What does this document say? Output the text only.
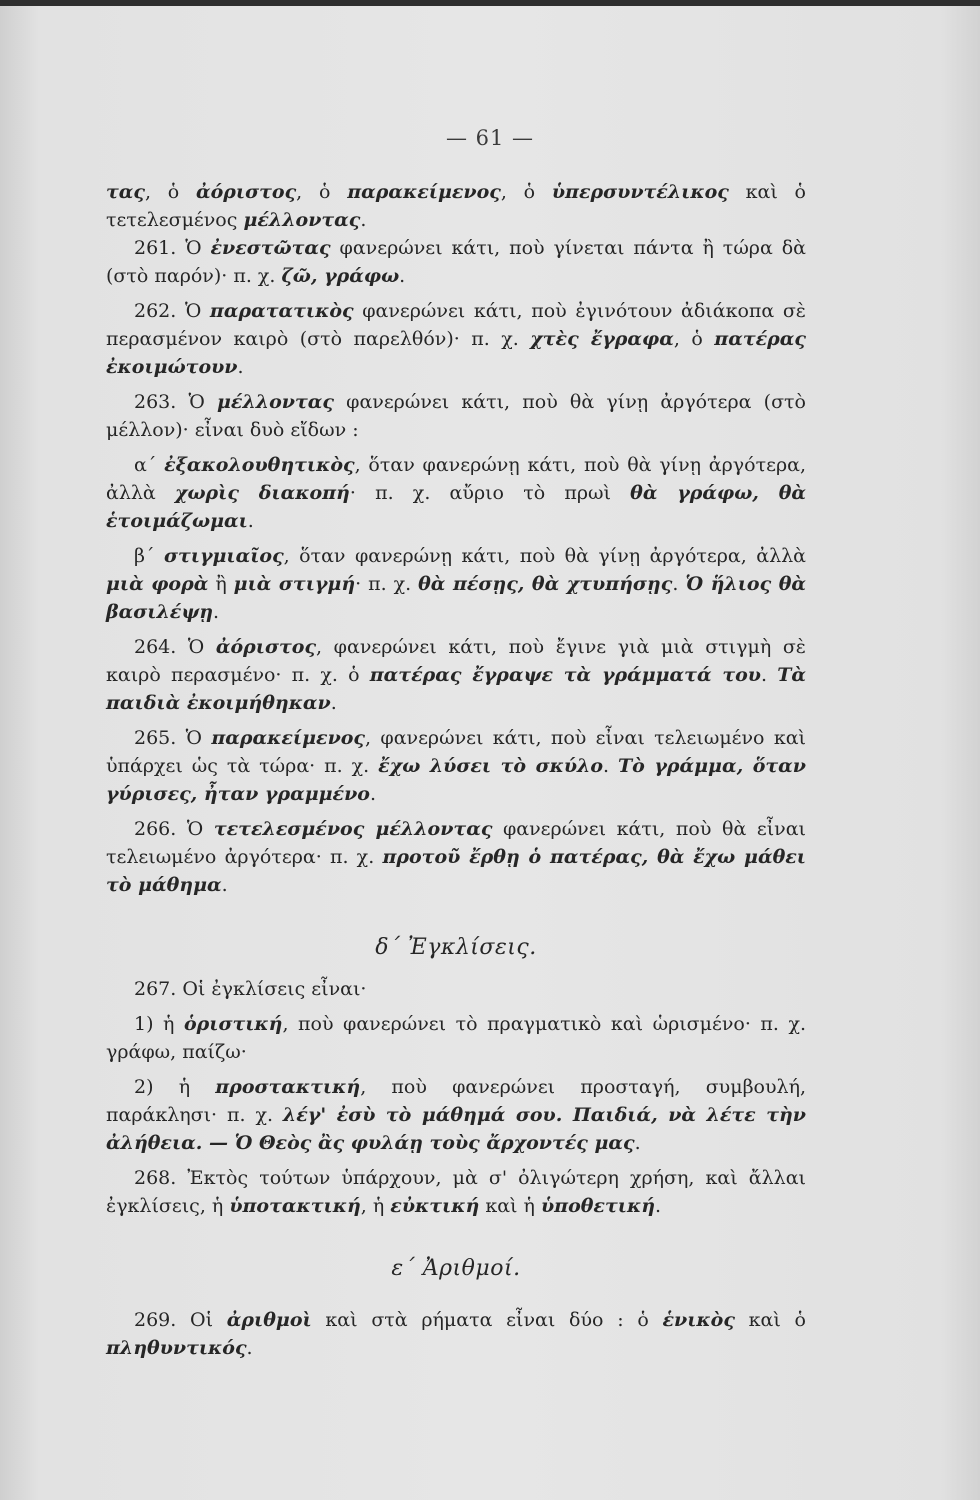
— 61 —

τας, ὁ ἀόριστος, ὁ παρακείμενος, ὁ ὑπερσυντέλικος καὶ ὁ τετελεσμένος μέλλοντας.

261. Ὁ ἐνεστῶτας φανερώνει κάτι, ποὺ γίνεται πάντα ἢ τώρα δὰ (στὸ παρόν)· π. χ. ζῶ, γράφω.

262. Ὁ παρατατικὸς φανερώνει κάτι, ποὺ ἐγινότουν ἀδιάκοπα σὲ περασμένον καιρὸ (στὸ παρελθόν)· π. χ. χτὲς ἔγραφα, ὁ πατέρας ἐκοιμώτουν.

263. Ὁ μέλλοντας φανερώνει κάτι, ποὺ θὰ γίνῃ ἀργότερα (στὸ μέλλον)· εἶναι δυὸ εἴδων :

α΄ ἐξακολουθητικὸς, ὅταν φανερώνῃ κάτι, ποὺ θὰ γίνῃ ἀργότερα, ἀλλὰ χωρὶς διακοπή· π. χ. αὔριο τὸ πρωὶ θὰ γράφω, θὰ ἑτοιμάζωμαι.

β΄ στιγμιαῖος, ὅταν φανερώνῃ κάτι, ποὺ θὰ γίνῃ ἀργότερα, ἀλλὰ μιὰ φορὰ ἢ μιὰ στιγμή· π. χ. θὰ πέσῃς, θὰ χτυπήσῃς. Ὁ ἥλιος θὰ βασιλέψῃ.

264. Ὁ ἀόριστος, φανερώνει κάτι, ποὺ ἔγινε γιὰ μιὰ στιγμὴ σὲ καιρὸ περασμένο· π. χ. ὁ πατέρας ἔγραψε τὰ γράμματά του. Τὰ παιδιὰ ἐκοιμήθηκαν.

265. Ὁ παρακείμενος, φανερώνει κάτι, ποὺ εἶναι τελειωμένο καὶ ὑπάρχει ὡς τὰ τώρα· π. χ. ἔχω λύσει τὸ σκύλο. Τὸ γράμμα, ὅταν γύρισες, ἦταν γραμμένο.

266. Ὁ τετελεσμένος μέλλοντας φανερώνει κάτι, ποὺ θὰ εἶναι τελειωμένο ἀργότερα· π. χ. προτοῦ ἔρθῃ ὁ πατέρας, θὰ ἔχω μάθει τὸ μάθημα.

δ΄ Ἐγκλίσεις.

267. Οἱ ἐγκλίσεις εἶναι·

1) ἡ ὁριστική, ποὺ φανερώνει τὸ πραγματικὸ καὶ ὡρισμένο· π. χ. γράφω, παίζω·

2) ἡ προστακτική, ποὺ φανερώνει προσταγή, συμβουλή, παράκλησι· π. χ. λέγ' ἐσὺ τὸ μάθημά σου. Παιδιά, νὰ λέτε τὴν ἀλήθεια. — Ὁ Θεὸς ἂς φυλάῃ τοὺς ἄρχοντές μας.

268. Ἐκτὸς τούτων ὑπάρχουν, μὰ σ' ὀλιγώτερη χρήση, καὶ ἄλλαι ἐγκλίσεις, ἡ ὑποτακτική, ἡ εὐκτική καὶ ἡ ὑποθετική.

ε΄ Ἀριθμοί.

269. Οἱ ἀριθμοὶ καὶ στὰ ρήματα εἶναι δύο : ὁ ἑνικὸς καὶ ὁ πληθυντικός.
